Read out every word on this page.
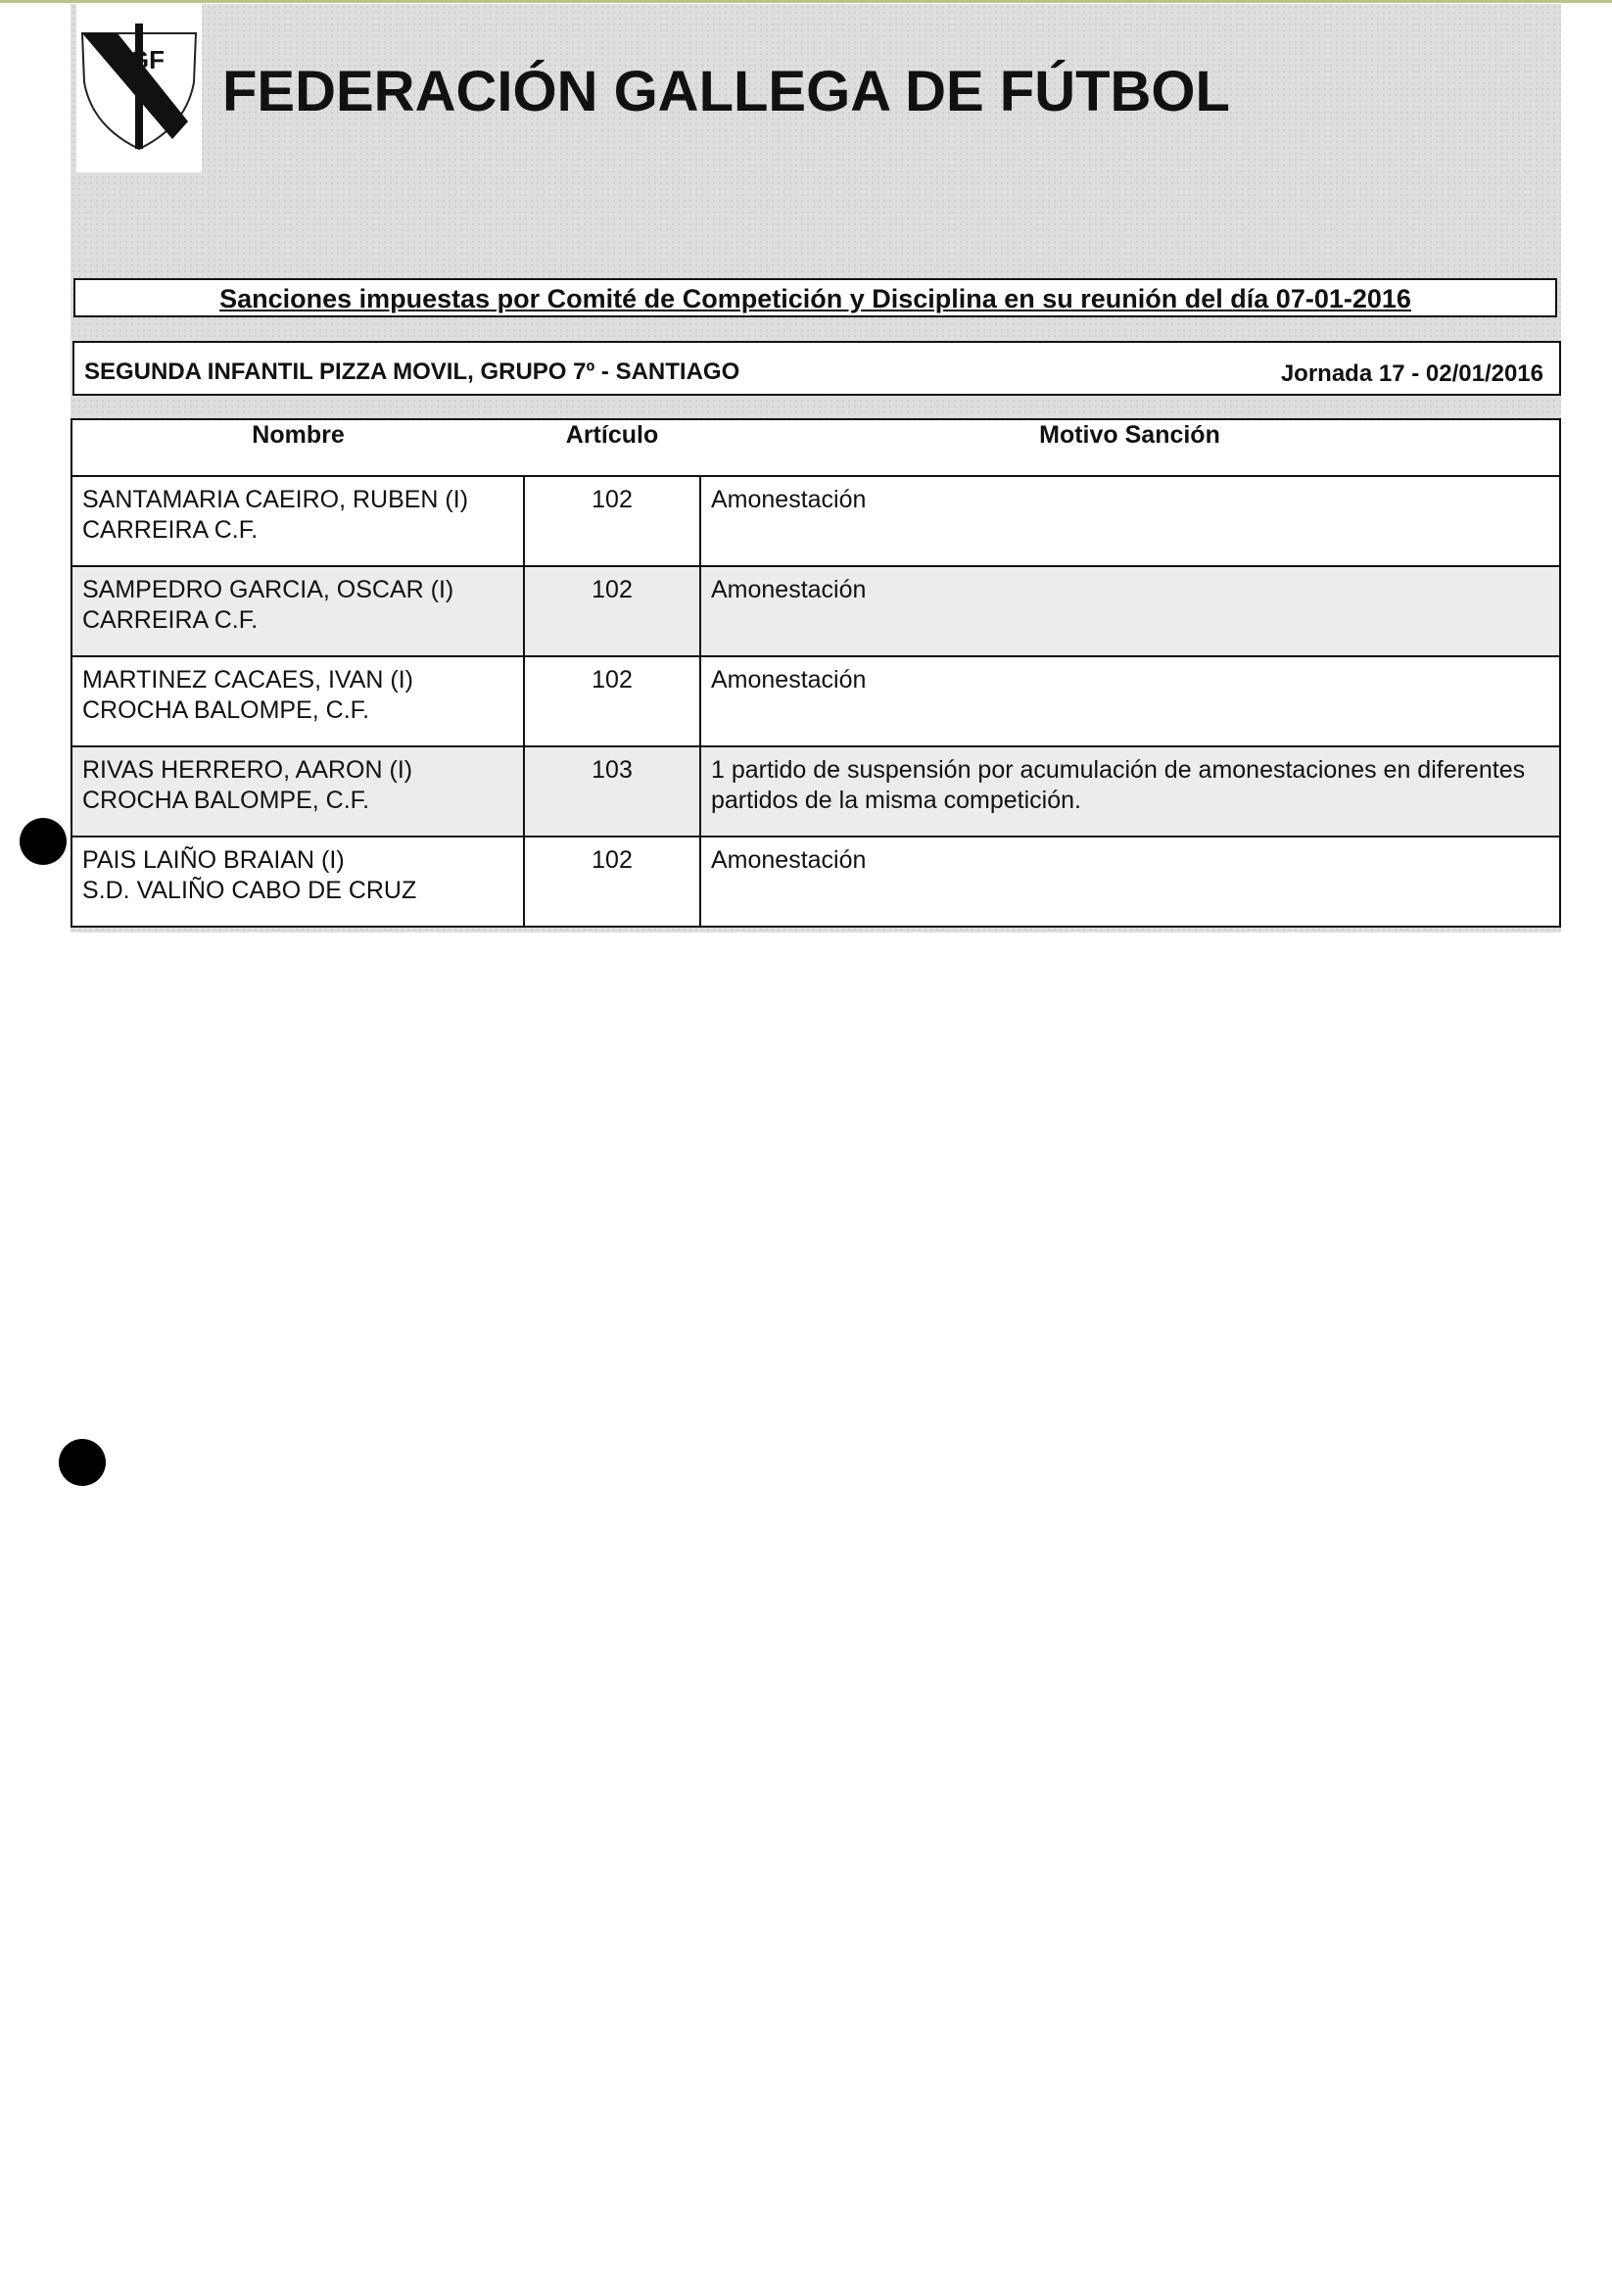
FGF FEDERACIÓN GALLEGA DE FÚTBOL
Sanciones impuestas por Comité de Competición y Disciplina en su reunión del día 07-01-2016
SEGUNDA INFANTIL PIZZA MOVIL, GRUPO 7º - SANTIAGO	Jornada 17 - 02/01/2016
Nombre	Artículo	Motivo Sanción

SANTAMARIA CAEIRO, RUBEN (I)
CARREIRA C.F.	102	Amonestación

SAMPEDRO GARCIA, OSCAR (I)
CARREIRA C.F.	102	Amonestación

MARTINEZ CACAES, IVAN (I)
CROCHA BALOMPE, C.F.	102	Amonestación

RIVAS HERRERO, AARON (I)
CROCHA BALOMPE, C.F.	103	1 partido de suspensión por acumulación de amonestaciones en diferentes partidos de la misma competición.

PAIS LAIÑO BRAIAN (I)
S.D. VALIÑO CABO DE CRUZ	102	Amonestación
